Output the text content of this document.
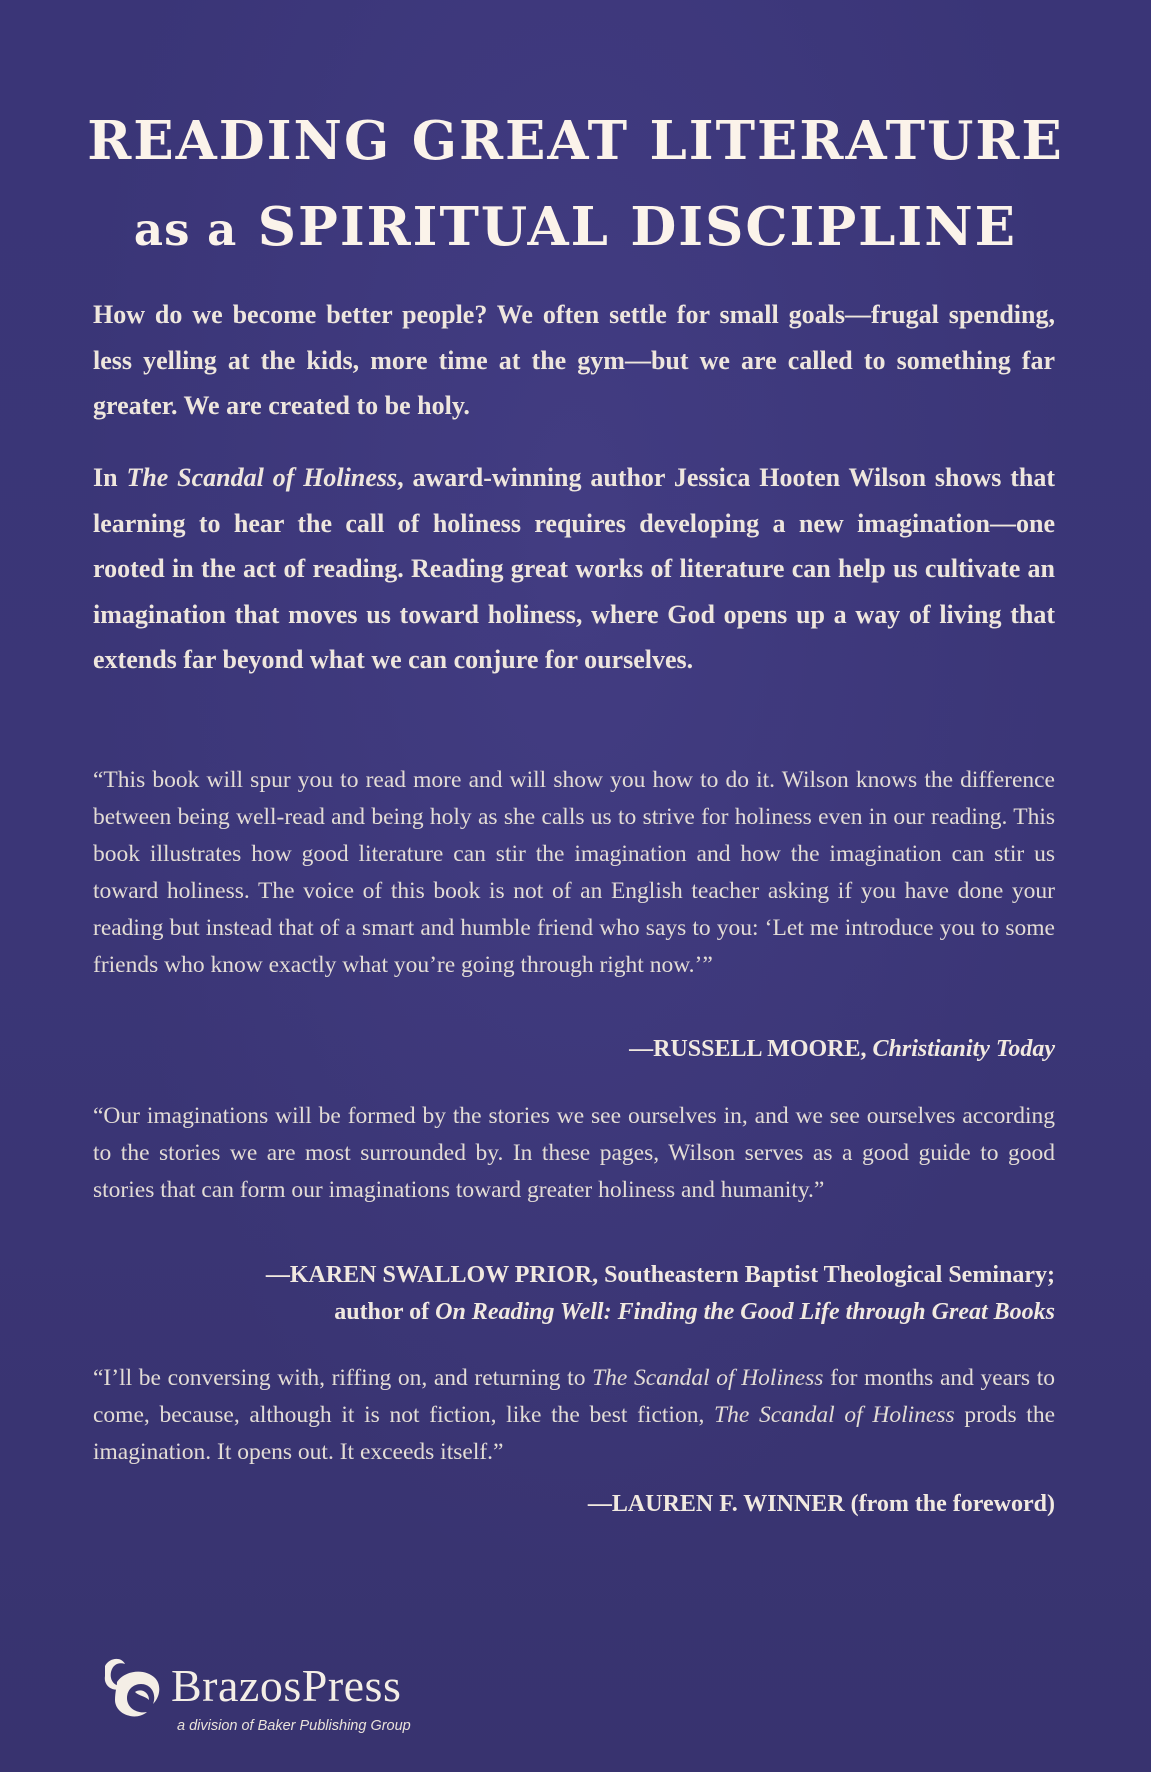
READING GREAT LITERATURE
as a SPIRITUAL DISCIPLINE
How do we become better people? We often settle for small goals—frugal spending, less yelling at the kids, more time at the gym—but we are called to something far greater. We are created to be holy.
In The Scandal of Holiness, award-winning author Jessica Hooten Wilson shows that learning to hear the call of holiness requires developing a new imagination—one rooted in the act of reading. Reading great works of literature can help us cultivate an imagination that moves us toward holiness, where God opens up a way of living that extends far beyond what we can conjure for ourselves.
“This book will spur you to read more and will show you how to do it. Wilson knows the difference between being well-read and being holy as she calls us to strive for holiness even in our reading. This book illustrates how good literature can stir the imagination and how the imagination can stir us toward holiness. The voice of this book is not of an English teacher asking if you have done your reading but instead that of a smart and humble friend who says to you: ‘Let me introduce you to some friends who know exactly what you’re going through right now.’”
—RUSSELL MOORE, Christianity Today
“Our imaginations will be formed by the stories we see ourselves in, and we see ourselves according to the stories we are most surrounded by. In these pages, Wilson serves as a good guide to good stories that can form our imaginations toward greater holiness and humanity.”
—KAREN SWALLOW PRIOR, Southeastern Baptist Theological Seminary;
author of On Reading Well: Finding the Good Life through Great Books
“I’ll be conversing with, riffing on, and returning to The Scandal of Holiness for months and years to come, because, although it is not fiction, like the best fiction, The Scandal of Holiness prods the imagination. It opens out. It exceeds itself.”
—LAUREN F. WINNER (from the foreword)
BrazosPress
a division of Baker Publishing Group
